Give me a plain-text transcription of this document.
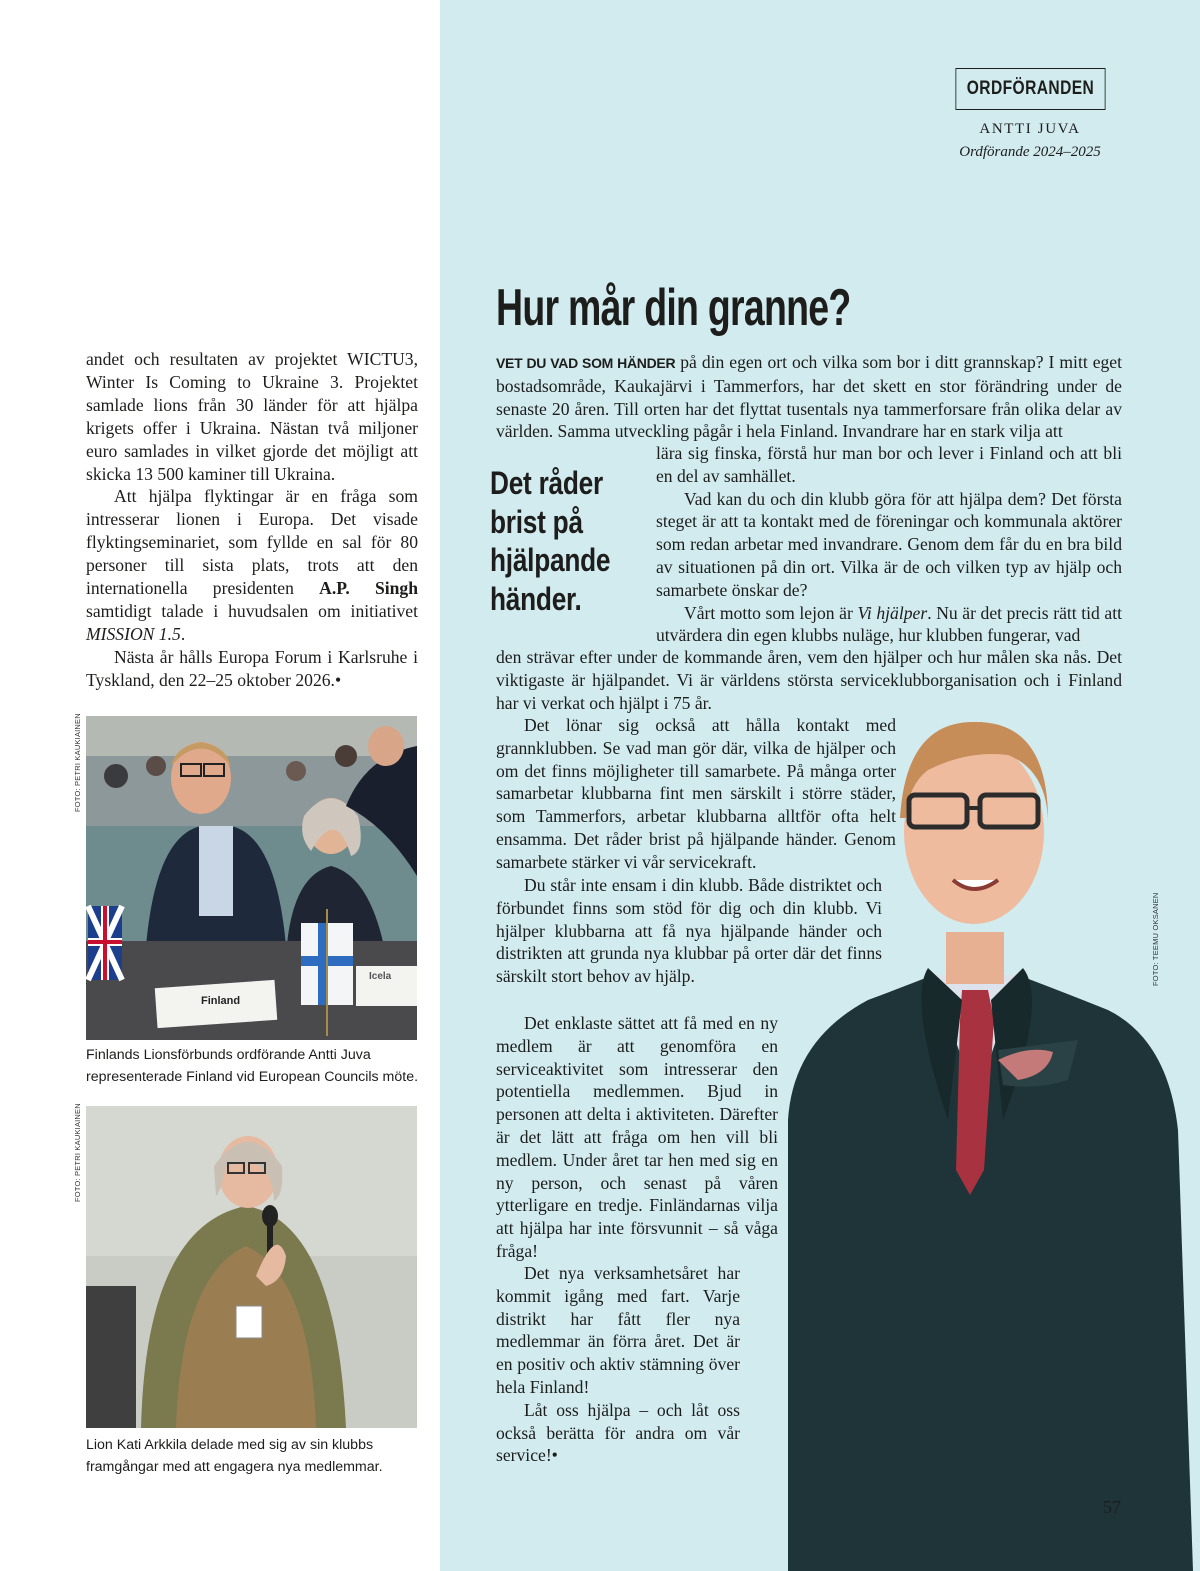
andet och resultaten av projektet WICTU3, Winter Is Coming to Ukraine 3. Projektet samlade lions från 30 länder för att hjälpa krigets offer i Ukraina. Nästan två miljoner euro samlades in vilket gjorde det möjligt att skicka 13 500 kaminer till Ukraina.

Att hjälpa flyktingar är en fråga som intresserar lionen i Europa. Det visade flyktingseminariet, som fyllde en sal för 80 personer till sista plats, trots att den internationella presidenten A.P. Singh samtidigt talade i huvudsalen om initiativet MISSION 1.5.

Nästa år hålls Europa Forum i Karlsruhe i Tyskland, den 22–25 oktober 2026.•

FOTO: PETRI KAUKIAINEN
Finland
Icela
Finlands Lionsförbunds ordförande Antti Juva representerade Finland vid European Councils möte.
FOTO: PETRI KAUKIAINEN
Lion Kati Arkkila delade med sig av sin klubbs framgångar med att engagera nya medlemmar.
ORDFÖRANDEN
ANTTI JUVA
Ordförande 2024–2025
Hur mår din granne?

VET DU VAD SOM HÄNDER på din egen ort och vilka som bor i ditt grannskap? I mitt eget bostadsområde, Kaukajärvi i Tammerfors, har det skett en stor förändring under de senaste 20 åren. Till orten har det flyttat tusentals nya tammerforsare från olika delar av världen. Samma utveckling pågår i hela Finland. Invandrare har en stark vilja att

Det råder
brist på
hjälpande
händer.

lära sig finska, förstå hur man bor och lever i Finland och att bli en del av samhället.

Vad kan du och din klubb göra för att hjälpa dem? Det första steget är att ta kontakt med de föreningar och kommunala aktörer som redan arbetar med invandrare. Genom dem får du en bra bild av situationen på din ort. Vilka är de och vilken typ av hjälp och samarbete önskar de?

Vårt motto som lejon är Vi hjälper. Nu är det precis rätt tid att utvärdera din egen klubbs nuläge, hur klubben fungerar, vad

den strävar efter under de kommande åren, vem den hjälper och hur målen ska nås. Det viktigaste är hjälpandet. Vi är världens största serviceklubborganisation och i Finland har vi verkat och hjälpt i 75 år.

FOTO: TEEMU OKSANEN

Det lönar sig också att hålla kontakt med grannklubben. Se vad man gör där, vilka de hjälper och om det finns möjligheter till samarbete. På många orter samarbetar klubbarna fint men särskilt i större städer, som Tammerfors, arbetar klubbarna alltför ofta helt ensamma. Det råder brist på hjälpande händer. Genom samarbete stärker vi vår servicekraft.

Du står inte ensam i din klubb. Både distriktet och förbundet finns som stöd för dig och din klubb. Vi hjälper klubbarna att få nya hjälpande händer och distrikten att grunda nya klubbar på orter där det finns särskilt stort behov av hjälp.

Det enklaste sättet att få med en ny medlem är att genomföra en serviceaktivitet som intresserar den potentiella medlemmen. Bjud in personen att delta i aktiviteten. Därefter är det lätt att fråga om hen vill bli medlem. Under året tar hen med sig en ny person, och senast på våren ytterligare en tredje. Finländarnas vilja att hjälpa har inte försvunnit – så våga fråga!

Det nya verksamhetsåret har kommit igång med fart. Varje distrikt har fått fler nya medlemmar än förra året. Det är en positiv och aktiv stämning över hela Finland!

Låt oss hjälpa – och låt oss också berätta för andra om vår service!•

57
